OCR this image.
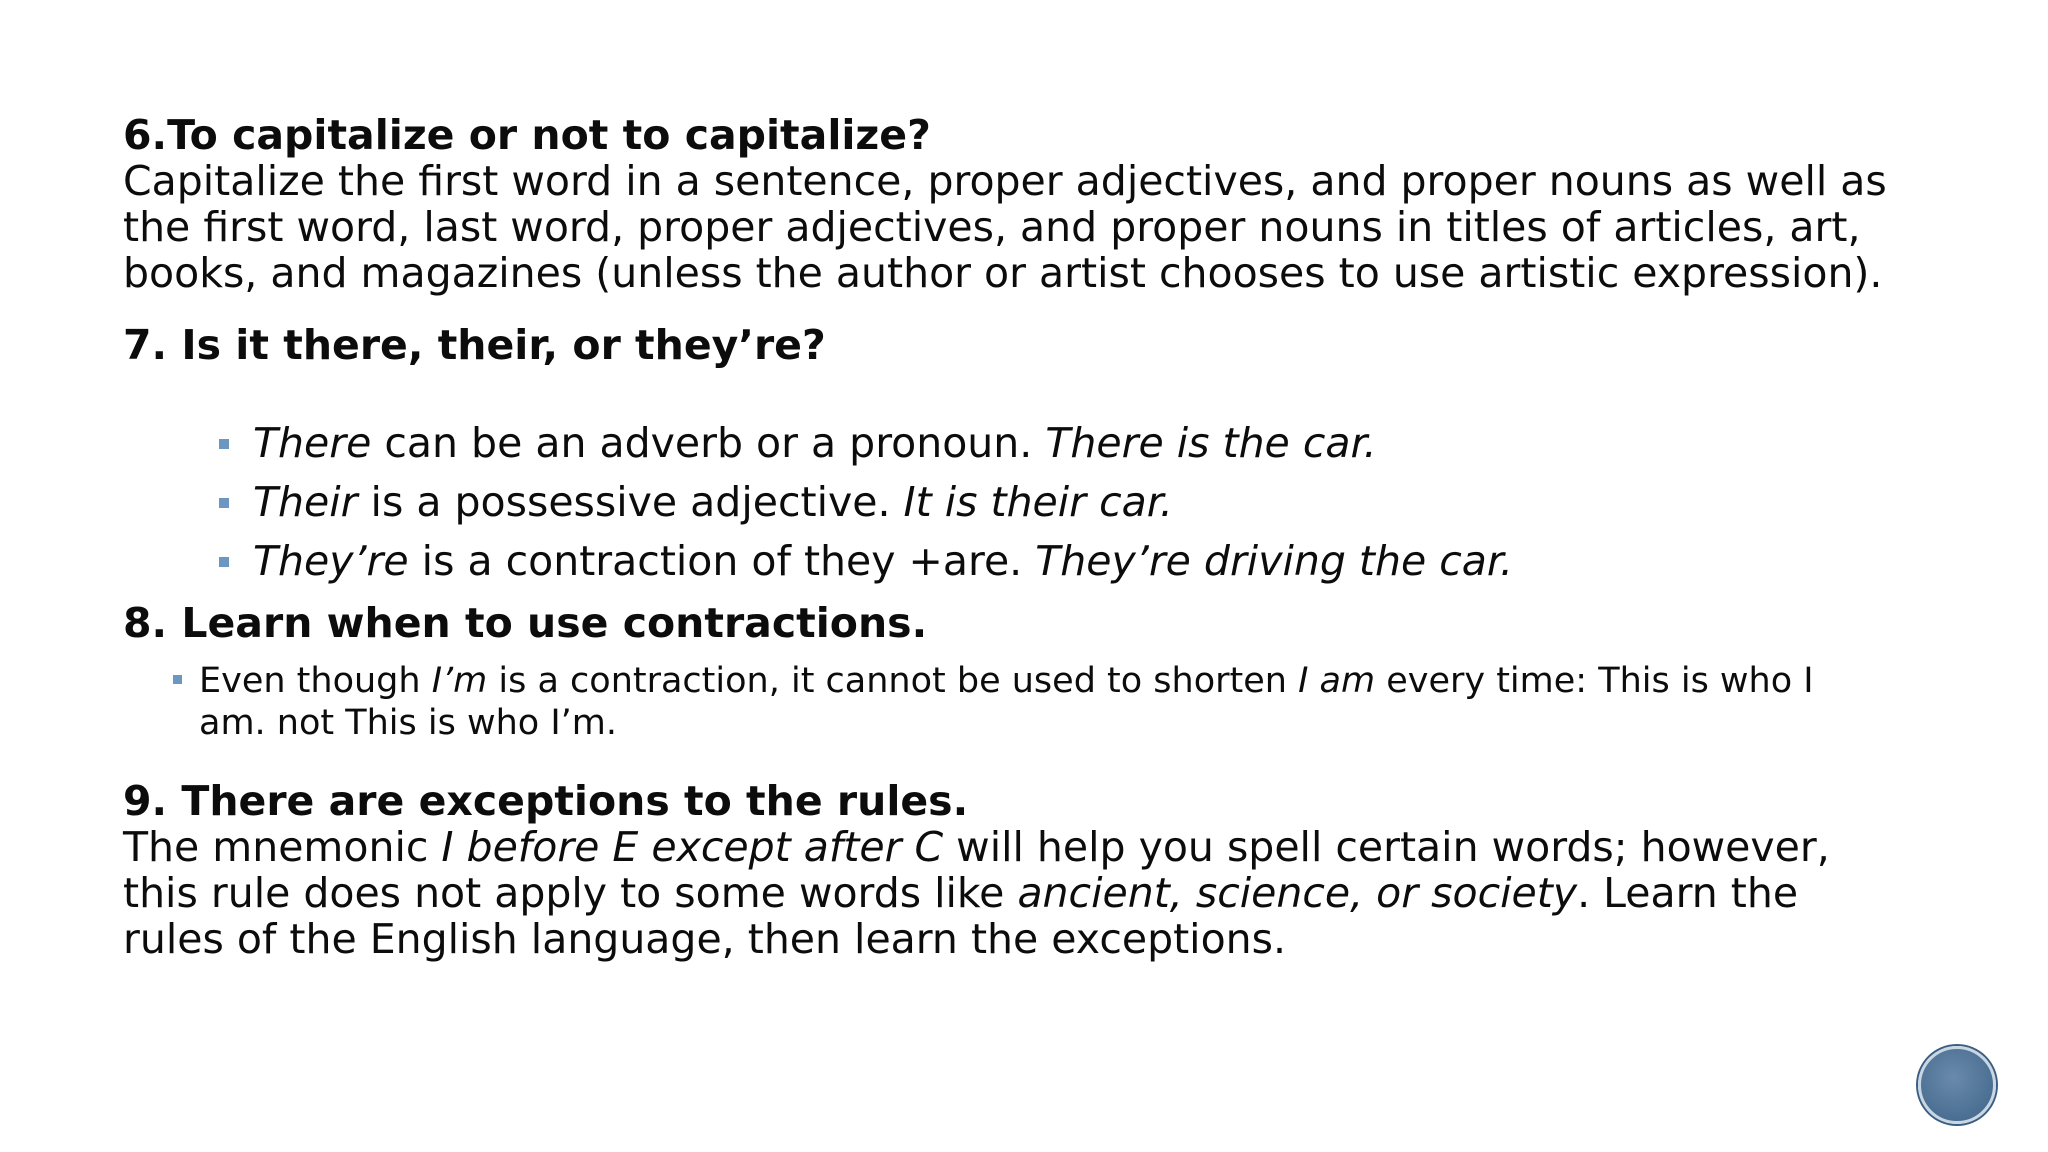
6.To capitalize or not to capitalize?

Capitalize the first word in a sentence, proper adjectives, and proper nouns as well as the first word, last word, proper adjectives, and proper nouns in titles of articles, art, books, and magazines (unless the author or artist chooses to use artistic expression).

7. Is it there, their, or they’re?

There can be an adverb or a pronoun. There is the car.
Their is a possessive adjective. It is their car.
They’re is a contraction of they +are. They’re driving the car.

8. Learn when to use contractions.

Even though I’m is a contraction, it cannot be used to shorten I am every time: This is who I am. not This is who I’m.

9. There are exceptions to the rules.

The mnemonic I before E except after C will help you spell certain words; however, this rule does not apply to some words like ancient, science, or society. Learn the rules of the English language, then learn the exceptions.
